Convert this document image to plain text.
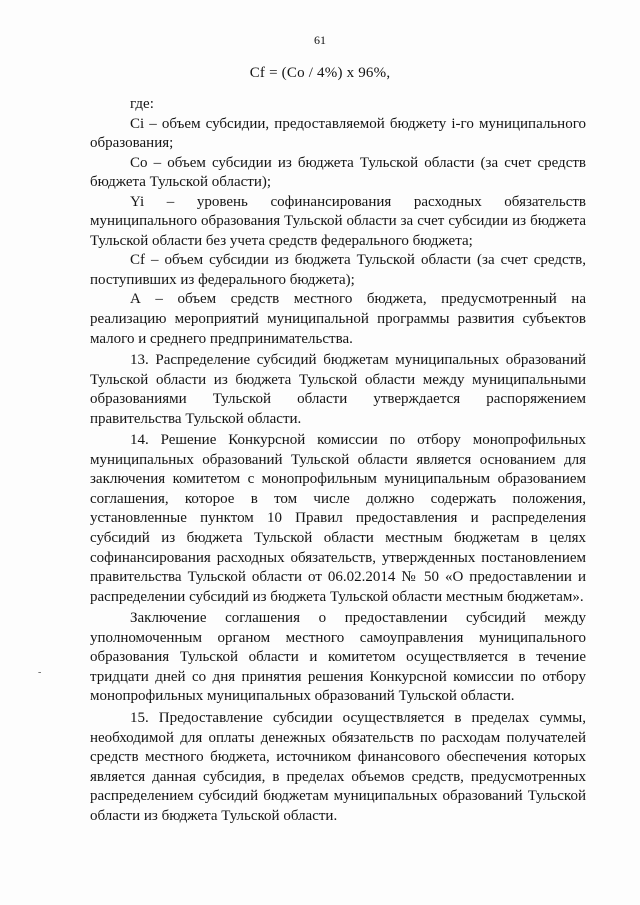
61
Cf = (Co / 4%) x 96%,

где:

Ci – объем субсидии, предоставляемой бюджету i-го муниципального образования;

Co – объем субсидии из бюджета Тульской области (за счет средств бюджета Тульской области);

Yi – уровень софинансирования расходных обязательств муниципального образования Тульской области за счет субсидии из бюджета Тульской области без учета средств федерального бюджета;

Cf – объем субсидии из бюджета Тульской области (за счет средств, поступивших из федерального бюджета);

А – объем средств местного бюджета, предусмотренный на реализацию мероприятий муниципальной программы развития субъектов малого и среднего предпринимательства.

13. Распределение субсидий бюджетам муниципальных образований Тульской области из бюджета Тульской области между муниципальными образованиями Тульской области утверждается распоряжением правительства Тульской области.

14. Решение Конкурсной комиссии по отбору монопрофильных муниципальных образований Тульской области является основанием для заключения комитетом с монопрофильным муниципальным образованием соглашения, которое в том числе должно содержать положения, установленные пунктом 10 Правил предоставления и распределения субсидий из бюджета Тульской области местным бюджетам в целях софинансирования расходных обязательств, утвержденных постановлением правительства Тульской области от 06.02.2014 № 50 «О предоставлении и распределении субсидий из бюджета Тульской области местным бюджетам».

Заключение соглашения о предоставлении субсидий между уполномоченным органом местного самоуправления муниципального образования Тульской области и комитетом осуществляется в течение тридцати дней со дня принятия решения Конкурсной комиссии по отбору монопрофильных муниципальных образований Тульской области.

15. Предоставление субсидии осуществляется в пределах суммы, необходимой для оплаты денежных обязательств по расходам получателей средств местного бюджета, источником финансового обеспечения которых является данная субсидия, в пределах объемов средств, предусмотренных распределением субсидий бюджетам муниципальных образований Тульской области из бюджета Тульской области.

-
